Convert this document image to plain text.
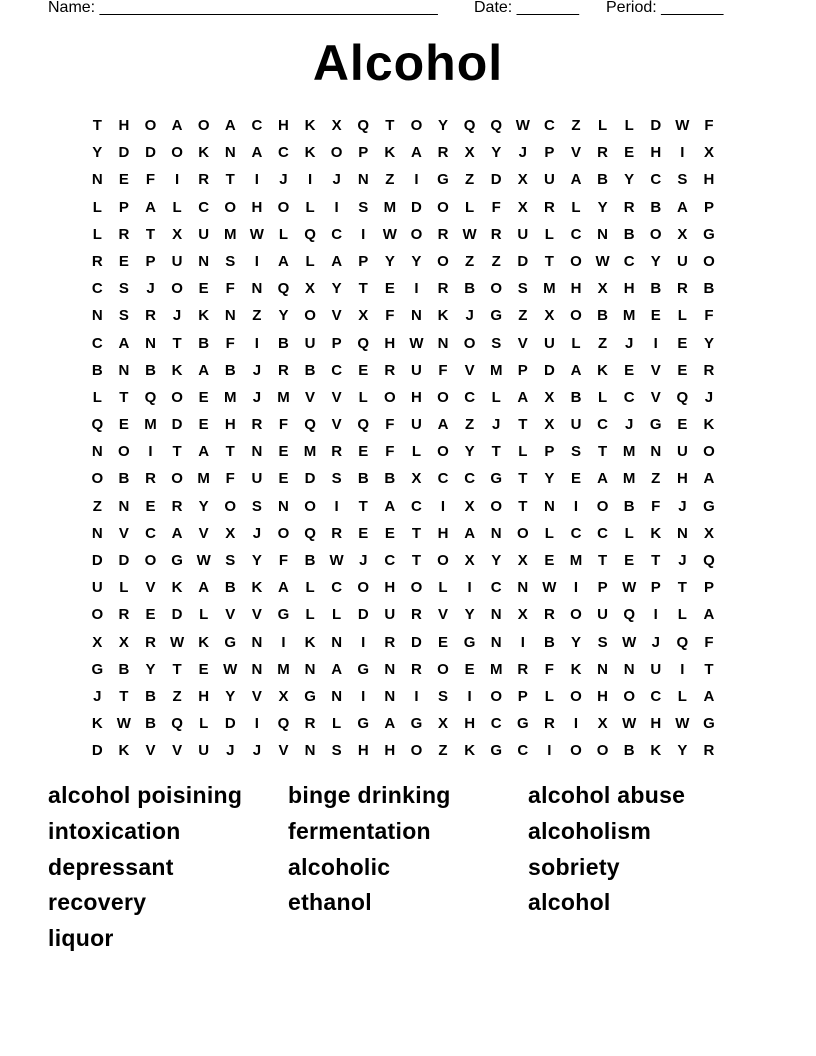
Name: ______________________________________ Date: _______ Period: _______
Alcohol
T	H	O	A	O	A	C	H	K	X	Q	T	O	Y	Q Q W C	Z	L	L	D W F
Y	D	D	O	K	N	A	C	K	O	P	K	A	R	X	Y	J	P	V	R	E	H	I	X
N	E	F	I	R	T	I	J	I	J	N	Z	I	G	Z	D	X	U	A	B	Y	C	S	H
L	P	A	L	C	O	H	O	L	I	S	M D	O	L	F	X	R	L	Y	R	B	A	P
L	R	T	X	U M W L	Q	C	I	W O	R W R	U	L	C	N	B	O	X	G
R	E	P	U	N	S	I	A	L	A	P	Y	Y	O	Z	Z	D	T	O W C	Y	U	O
C	S	J	O	E	F	N	Q	X	Y	T	E	I	R	B	O	S	M H	X	H	B	R	B
N	S	R	J	K	N	Z	Y	O	V	X	F	N	K	J	G	Z	X	O	B M	E	L	F
C	A	N	T	B	F	I	B	U	P	Q	H W N	O	S	V	U	L	Z	J	I	E	Y
B	N	B	K	A	B	J	R	B	C	E	R	U	F	V	M	P	D	A	K	E	V	E	R
L	T	Q O	E	M	J	M	V	V	L	O	H	O	C	L	A	X	B	L	C	V	Q	J
Q	E	M D	E	H	R	F	Q	V	Q	F	U	A	Z	J	T	X	U	C	J	G	E	K
N	O	I	T	A	T	N	E	M R	E	F	L	O	Y	T	L	P	S	T	M N	U	O
O	B	R	O M	F	U	E	D	S	B	B	X	C	C	G	T	Y	E	A M	Z	H	A
Z	N	E	R	Y	O	S	N	O	I	T	A	C	I	X	O	T	N	I	O	B	F	J	G
N	V	C	A	V	X	J	O Q	R	E	E	T	H	A	N	O	L	C	C	L	K	N	X
D	D	O G W S	Y	F	B W	J	C	T	O	X	Y	X	E	M	T	E	T	J	Q
U	L	V	K	A	B	K	A	L	C	O	H	O	L	I	C	N W	I	P W P	T	P
O	R	E	D	L	V	V	G	L	L	D	U	R	V	Y	N	X	R	O	U	Q	I	L	A
X	X	R W K	G	N	I	K	N	I	R	D	E	G	N	I	B	Y	S W	J	Q	F
G	B	Y	T	E W N M N	A	G	N	R	O	E	M R	F	K	N	N	U	I	T
J	T	B	Z	H	Y	V	X	G	N	I	N	I	S	I	O	P	L	O	H	O	C	L	A
K W B	Q	L	D	I	Q	R	L	G	A	G	X	H	C	G	R	I	X W H W G
D	K	V	V	U	J	J	V	N	S	H	H	O	Z	K	G	C	I	O O	B	K	Y	R
alcohol poisining	binge drinking	alcohol abuse
intoxication	fermentation	alcoholism
depressant	alcoholic	sobriety
recovery	ethanol	alcohol
liquor
